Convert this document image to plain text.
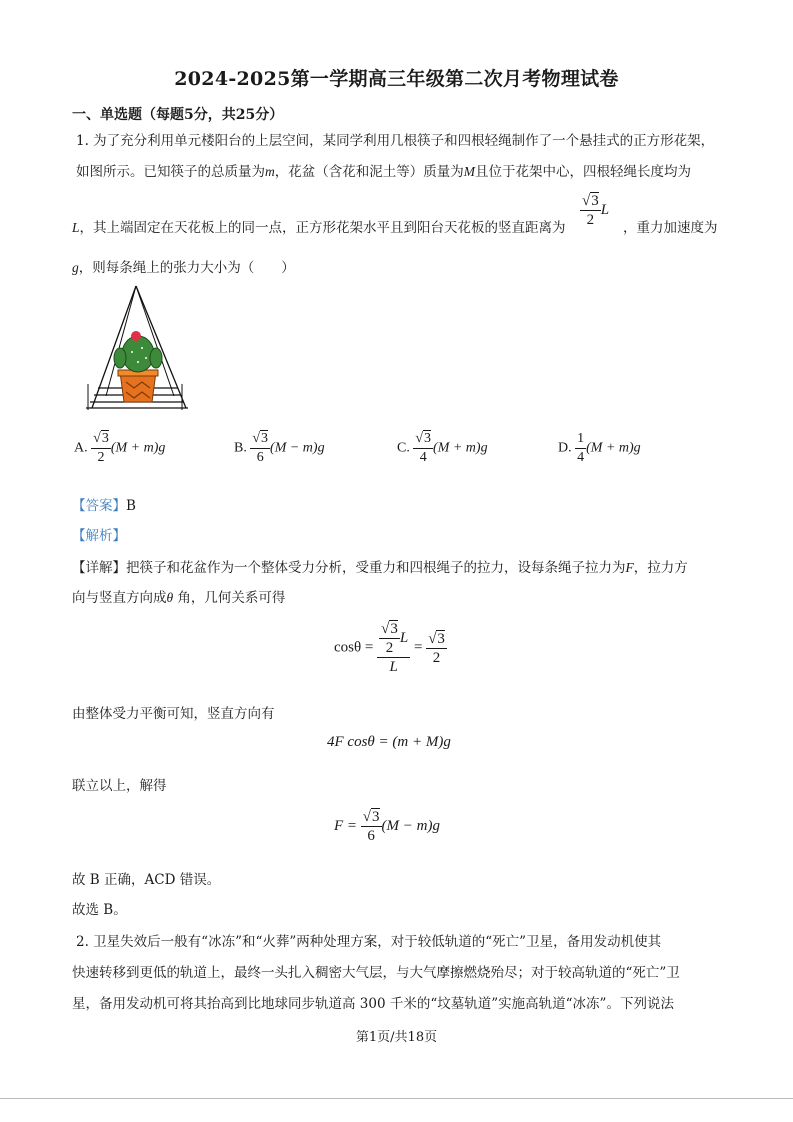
2024-2025第一学期高三年级第二次月考物理试卷
一、单选题（每题5分，共25分）
1. 为了充分利用单元楼阳台的上层空间，某同学利用几根筷子和四根轻绳制作了一个悬挂式的正方形花架，
如图所示。已知筷子的总质量为m，花盆（含花和泥土等）质量为M且位于花架中心，四根轻绳长度均为
L，其上端固定在天花板上的同一点，正方形花架水平且到阳台天花板的竖直距离为 $\frac{√3}{2}$ L
，重力加速度为
g，则每条绳上的张力大小为（　　）
A. $\frac{√3}{2} (M + m)g$	B. $\frac{√3}{6} (M - m)g$	C. $\frac{√3}{4} (M + m)g$	D. $\frac{1}{4} (M + m)g$
【答案】B
【解析】
【详解】把筷子和花盆作为一个整体受力分析，受重力和四根绳子的拉力，设每条绳子拉力为F，拉力方
向与竖直方向成θ 角，几何关系可得
$\cos\theta = \frac{\frac{√3}{2} L}{L} = \frac{√3}{2}$
由整体受力平衡可知，竖直方向有
4F cosθ = (m + M)g
联立以上，解得
$F = \frac{√3}{6} (M - m)g$
故 B 正确，ACD 错误。
故选 B。
2. 卫星失效后一般有“冰冻”和“火葬”两种处理方案，对于较低轨道的“死亡”卫星，备用发动机使其
快速转移到更低的轨道上，最终一头扎入稠密大气层，与大气摩擦燃烧殆尽；对于较高轨道的“死亡”卫
星，备用发动机可将其抬高到比地球同步轨道高 300 千米的“坟墓轨道”实施高轨道“冰冻”。下列说法
第1页/共18页
